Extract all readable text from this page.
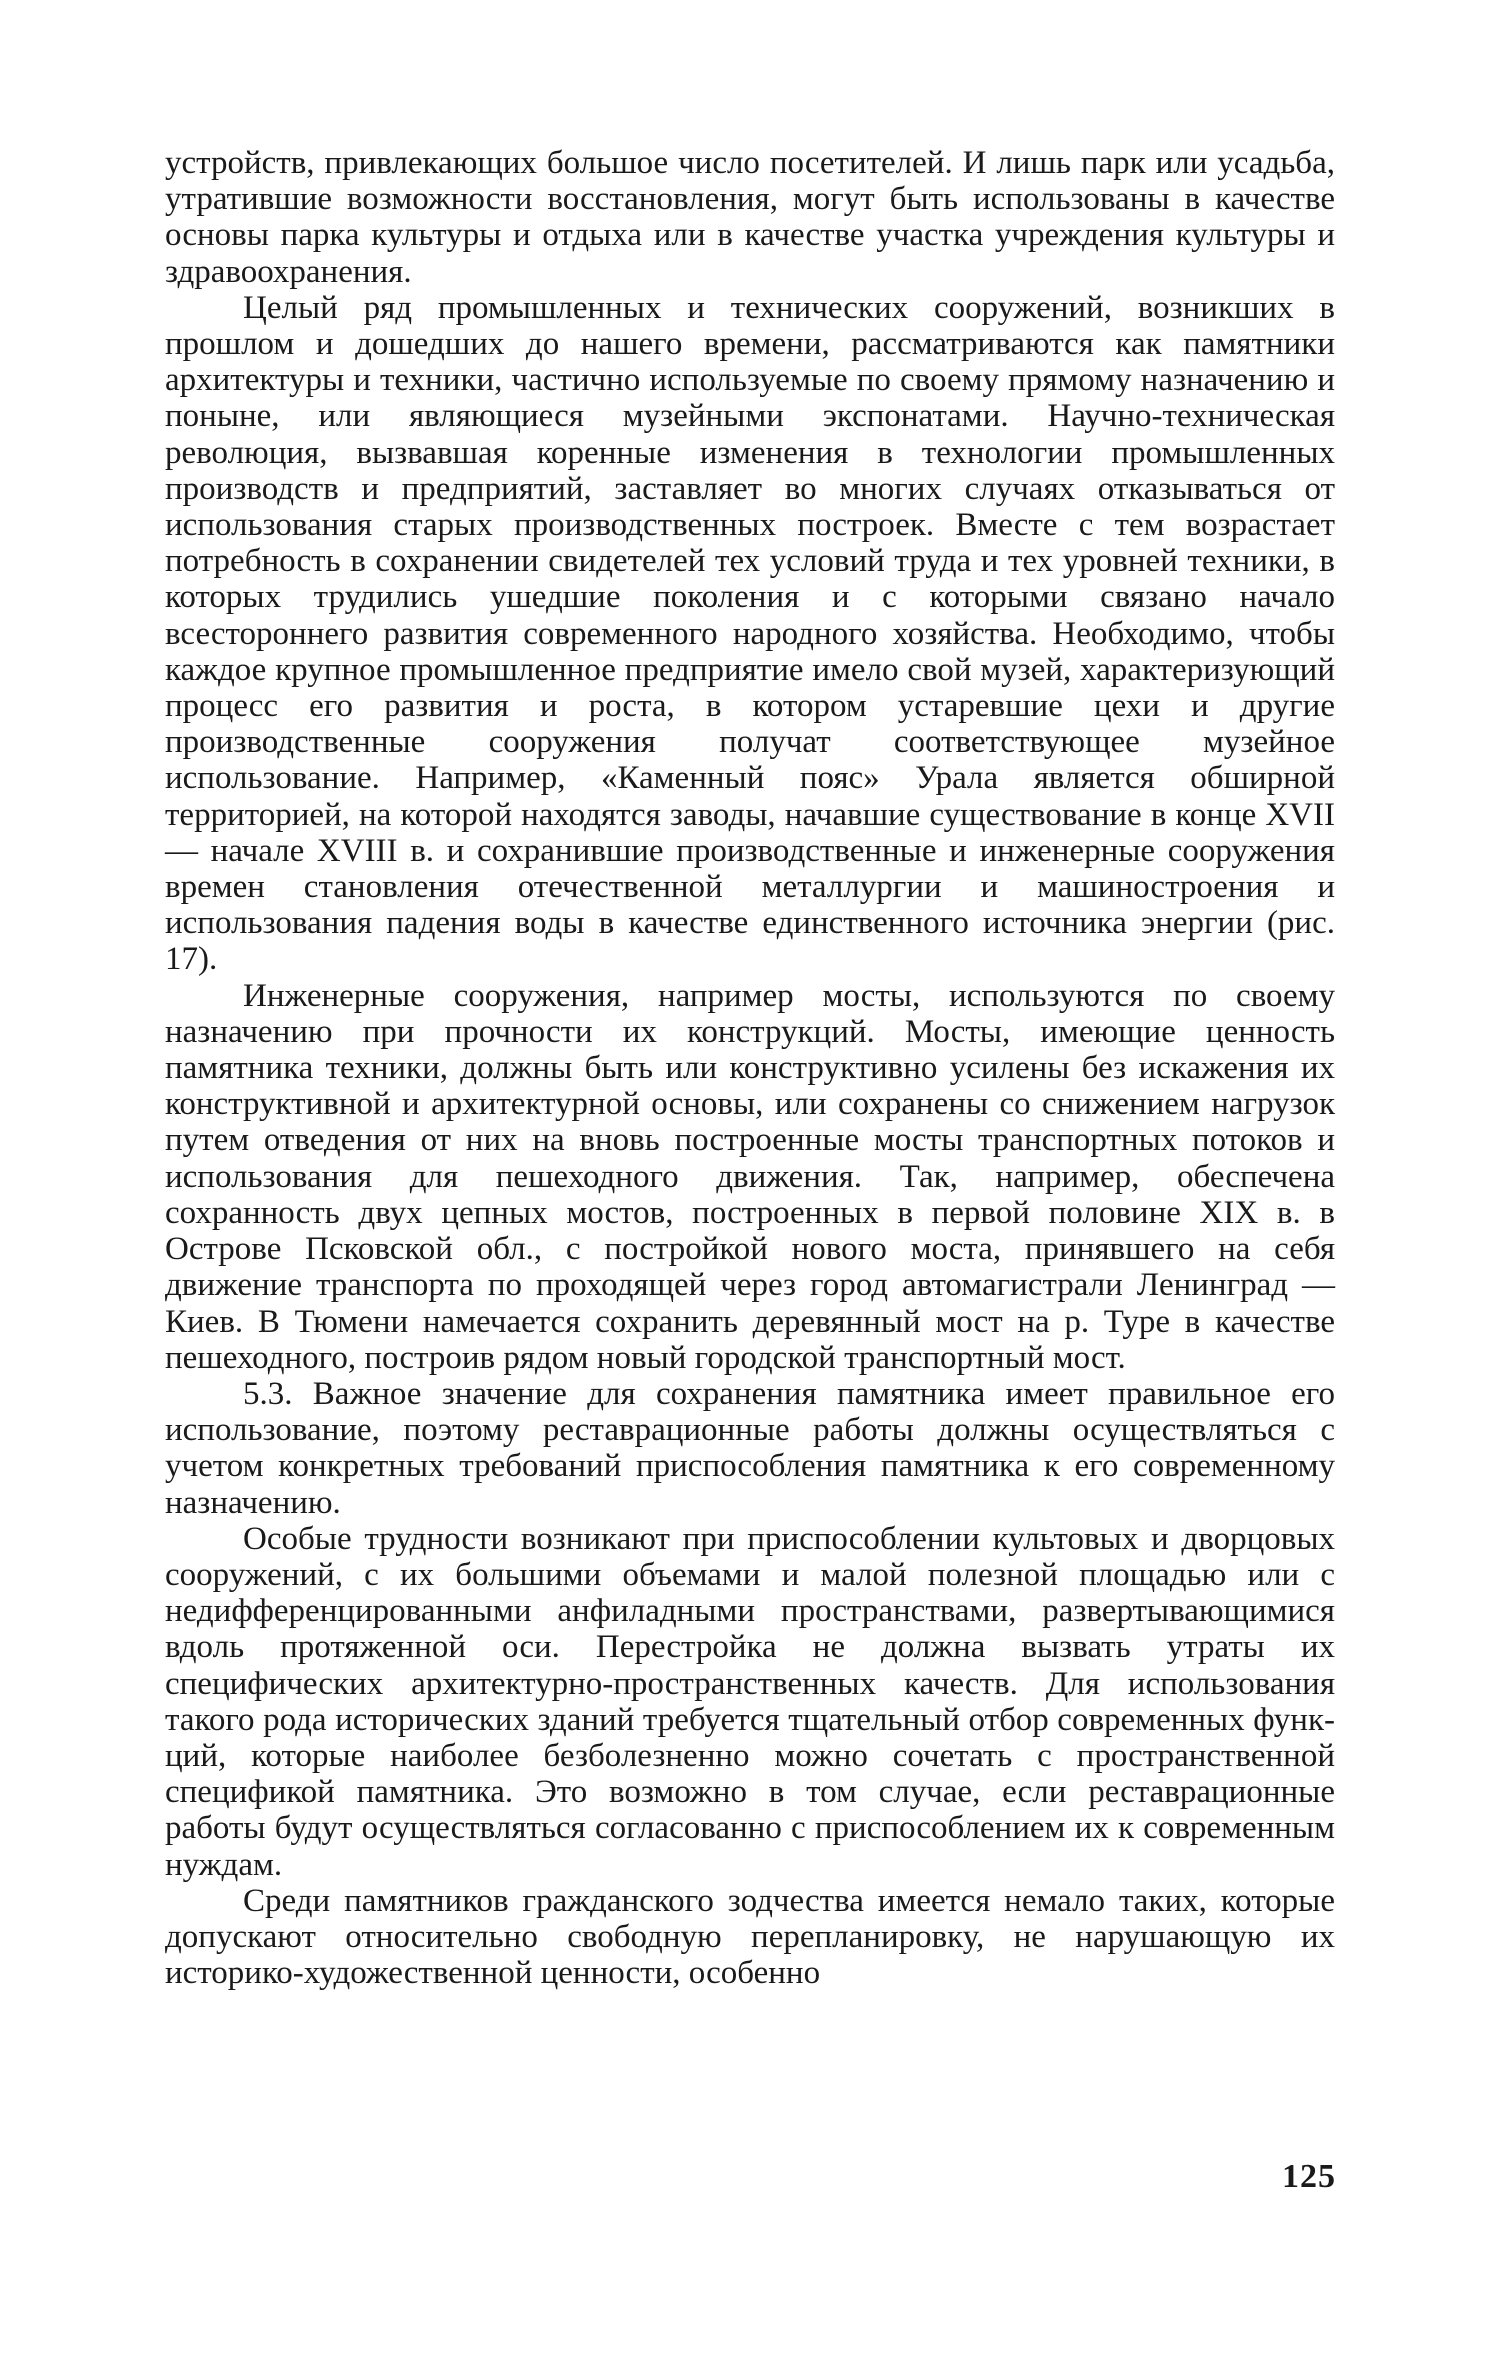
устройств, привлекающих большое число посетителей. И лишь парк или усадьба, утратившие возможности восстановления, могут быть использованы в качестве основы парка культуры и отдыха или в качестве участка учреждения культуры и здравоохранения.

Целый ряд промышленных и технических сооружений, возникших в прошлом и дошедших до нашего времени, рассматриваются как памятники архитектуры и техники, частично используемые по своему прямому назначению и поныне, или являющиеся музейными экспонатами. Научно-техническая революция, вызвавшая коренные изменения в технологии промышленных производств и предприятий, заставляет во многих случаях отказываться от использования старых производственных построек. Вместе с тем возрастает потребность в сохранении свидетелей тех условий труда и тех уровней техники, в которых трудились ушедшие поколения и с которыми связано начало всестороннего развития современного народного хозяйства. Необходимо, чтобы каждое крупное промышленное предприятие имело свой музей, характеризующий процесс его развития и роста, в котором устаревшие цехи и другие производственные сооружения получат соответствующее музейное использование. Например, «Каменный пояс» Урала является обширной территорией, на которой находятся заводы, начавшие существование в конце XVII — начале XVIII в. и сохранившие производственные и инженерные сооружения времен становления отечественной металлургии и машиностроения и использования падения воды в качестве единственного источника энергии (рис. 17).

Инженерные сооружения, например мосты, используются по своему назначению при прочности их конструкций. Мосты, имеющие ценность памятника техники, должны быть или конструктивно усилены без искажения их конструктивной и архитектурной основы, или сохранены со снижением нагрузок путем отведения от них на вновь построенные мосты транспортных потоков и использования для пешеходного движения. Так, например, обеспечена сохранность двух цепных мостов, построенных в первой половине XIX в. в Острове Псковской обл., с постройкой нового моста, принявшего на себя движение транспорта по проходящей через город автомагистрали Ленинград — Киев. В Тюмени намечается сохранить деревянный мост на р. Туре в качестве пешеходного, построив рядом новый городской транспортный мост.

5.3. Важное значение для сохранения памятника имеет правильное его использование, поэтому реставрационные работы должны осуществляться с учетом конкретных требований приспособления памятника к его современному назначению.

Особые трудности возникают при приспособлении культовых и дворцовых сооружений, с их большими объемами и малой полезной площадью или с недифференцированными анфиладными пространствами, развертывающимися вдоль протяженной оси. Перестройка не должна вызвать утраты их специфических архитектурно-пространственных качеств. Для использования такого рода исторических зданий требуется тщательный отбор современных функций, которые наиболее безболезненно можно сочетать с пространственной спецификой памятника. Это возможно в том случае, если реставрационные работы будут осуществляться согласованно с приспособлением их к современным нуждам.

Среди памятников гражданского зодчества имеется немало таких, которые допускают относительно свободную перепланировку, не нарушающую их историко-художественной ценности, особенно

125
